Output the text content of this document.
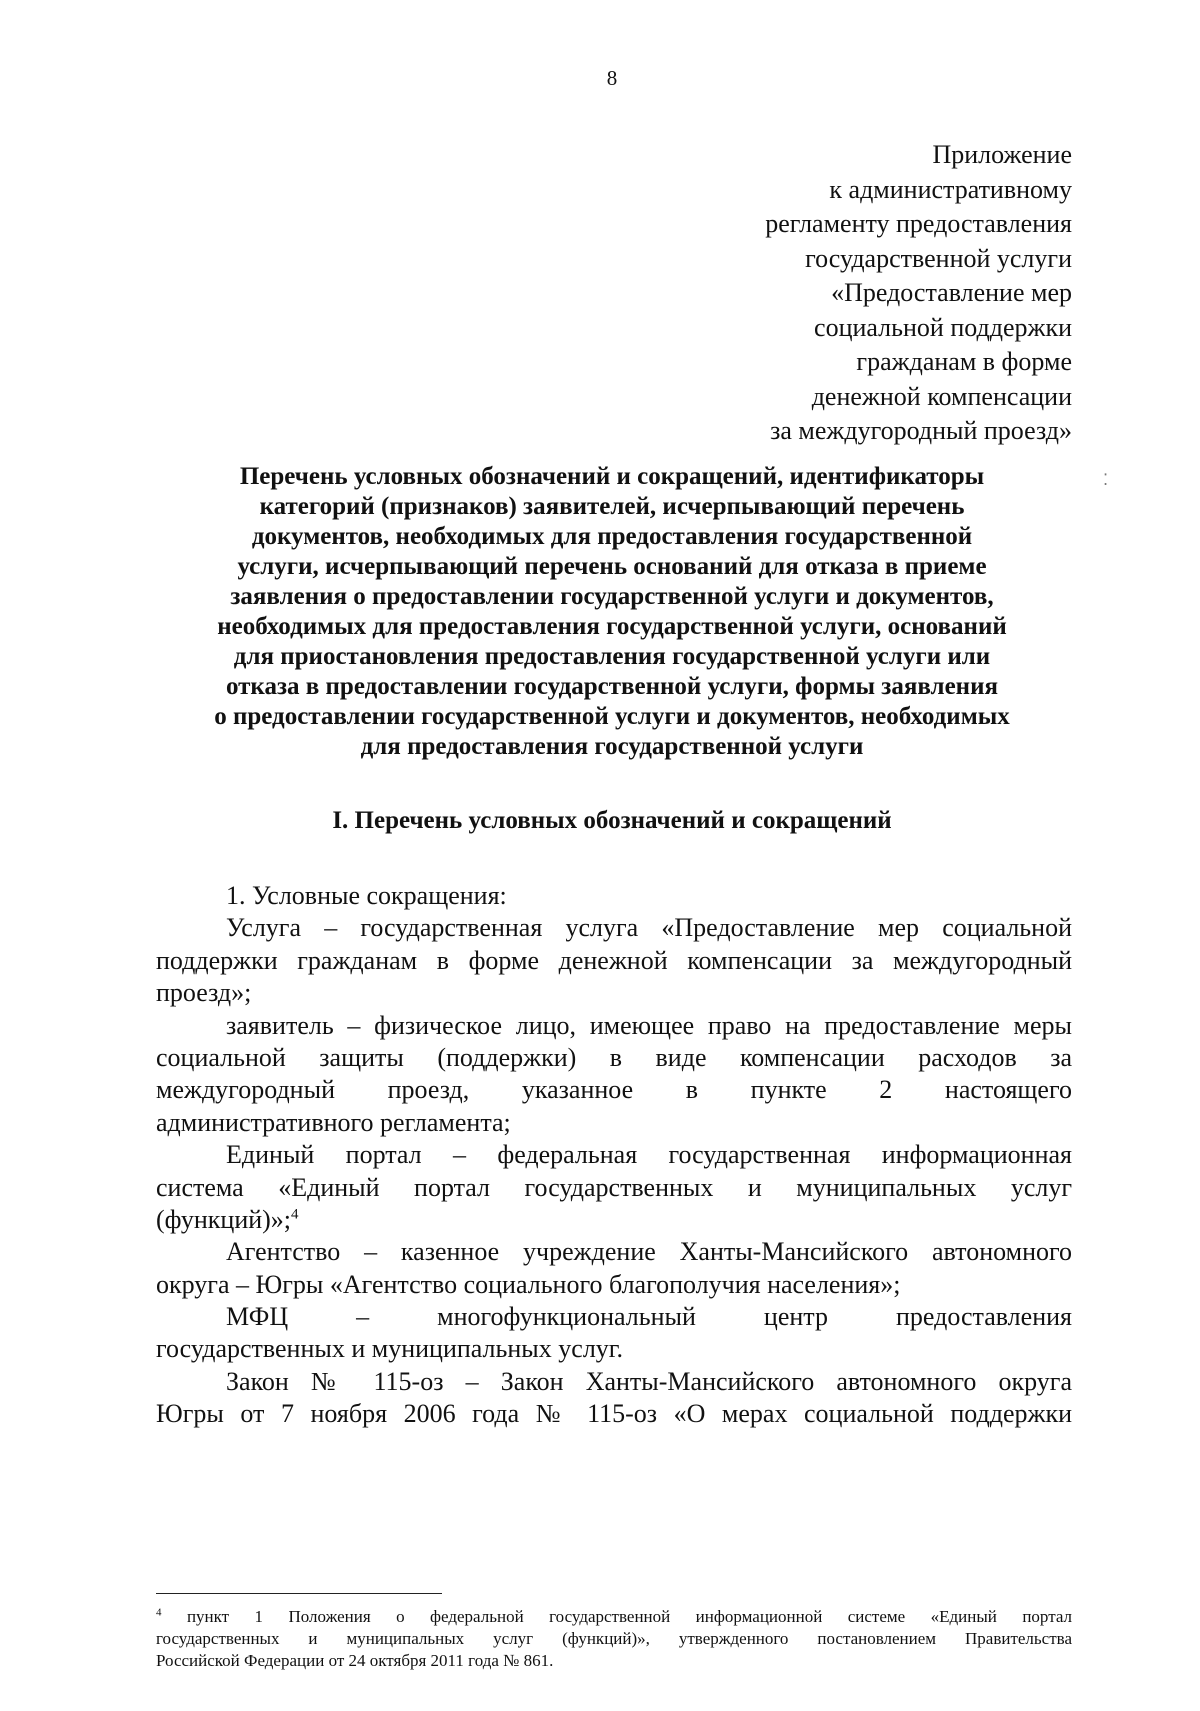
8
⁚
Приложение
к административному
регламенту предоставления
государственной услуги
«Предоставление мер
социальной поддержки
гражданам в форме
денежной компенсации
за междугородный проезд»
Перечень условных обозначений и сокращений, идентификаторы
категорий (признаков) заявителей, исчерпывающий перечень
документов, необходимых для предоставления государственной
услуги, исчерпывающий перечень оснований для отказа в приеме
заявления о предоставлении государственной услуги и документов,
необходимых для предоставления государственной услуги, оснований
для приостановления предоставления государственной услуги или
отказа в предоставлении государственной услуги, формы заявления
о предоставлении государственной услуги и документов, необходимых
для предоставления государственной услуги
I. Перечень условных обозначений и сокращений
1. Условные сокращения:
Услуга – государственная услуга «Предоставление мер социальной
поддержки гражданам в форме денежной компенсации за междугородный
проезд»;
заявитель – физическое лицо, имеющее право на предоставление меры
социальной защиты (поддержки) в виде компенсации расходов за
междугородный проезд, указанное в пункте 2 настоящего
административного регламента;
Единый портал – федеральная государственная информационная
система «Единый портал государственных и муниципальных услуг
(функций)»;$^4$
Агентство – казенное учреждение Ханты-Мансийского автономного
округа – Югры «Агентство социального благополучия населения»;
МФЦ – многофункциональный центр предоставления
государственных и муниципальных услуг.
Закон № 115-оз – Закон Ханты-Мансийского автономного округа
Югры от 7 ноября 2006 года № 115-оз «О мерах социальной поддержки
$^4$ пункт 1 Положения о федеральной государственной информационной системе «Единый портал
государственных и муниципальных услуг (функций)», утвержденного постановлением Правительства
Российской Федерации от 24 октября 2011 года № 861.
